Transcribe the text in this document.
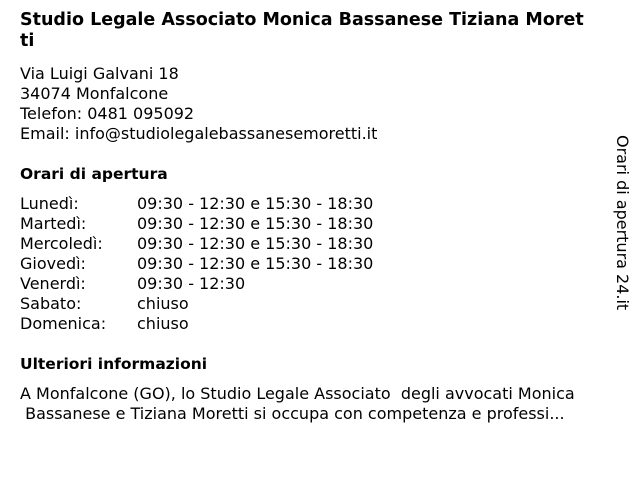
Studio Legale Associato Monica Bassanese Tiziana Moretti
Via Luigi Galvani 18
34074 Monfalcone
Telefon: 0481 095092
Email: info@studiolegalebassanesemoretti.it
Orari di apertura
Lunedì:	09:30 - 12:30 e 15:30 - 18:30
Martedì:	09:30 - 12:30 e 15:30 - 18:30
Mercoledì: 09:30 - 12:30 e 15:30 - 18:30
Giovedì:	09:30 - 12:30 e 15:30 - 18:30
Venerdì:	09:30 - 12:30
Sabato:	chiuso
Domenica: chiuso
Ulteriori informazioni
A Monfalcone (GO), lo Studio Legale Associato  degli avvocati Monica
Bassanese e Tiziana Moretti si occupa con competenza e professi...
Orari di apertura 24.it
